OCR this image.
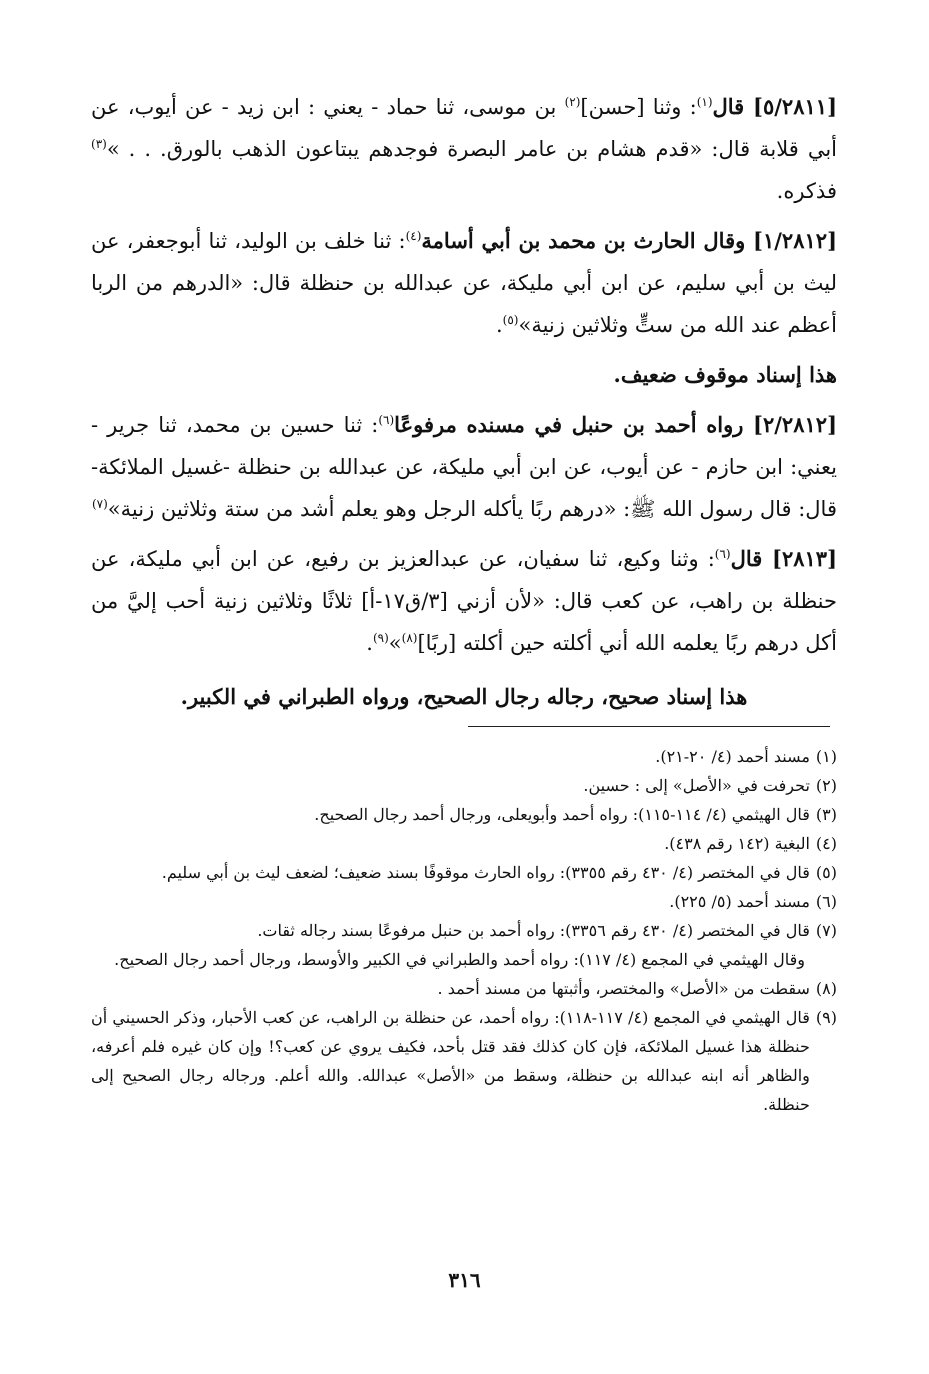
[٥/٢٨١١] قال$^{(١)}$: وثنا [حسن]$^{(٢)}$ بن موسى، ثنا حماد - يعني : ابن زيد - عن أيوب، عن أبي قلابة قال: «قدم هشام بن عامر البصرة فوجدهم يبتاعون الذهب بالورق. . . »$^{(٣)}$ فذكره.

[١/٢٨١٢] وقال الحارث بن محمد بن أبي أسامة$^{(٤)}$: ثنا خلف بن الوليد، ثنا أبوجعفر، عن ليث بن أبي سليم، عن ابن أبي مليكة، عن عبدالله بن حنظلة قال: «الدرهم من الربا أعظم عند الله من ستٍّ وثلاثين زنية»$^{(٥)}$.

هذا إسناد موقوف ضعيف.

[٢/٢٨١٢] رواه أحمد بن حنبل في مسنده مرفوعًا$^{(٦)}$: ثنا حسين بن محمد، ثنا جرير - يعني: ابن حازم - عن أيوب، عن ابن أبي مليكة، عن عبدالله بن حنظلة -غسيل الملائكة- قال: قال رسول الله ﷺ: «درهم ربًا يأكله الرجل وهو يعلم أشد من ستة وثلاثين زنية»$^{(٧)}$

[٢٨١٣] قال$^{(٦)}$: وثنا وكيع، ثنا سفيان، عن عبدالعزيز بن رفيع، عن ابن أبي مليكة، عن حنظلة بن راهب، عن كعب قال: «لأن أزني [٣/ق١٧-أ] ثلاثًا وثلاثين زنية أحب إليَّ من أكل درهم ربًا يعلمه الله أني أكلته حين أكلته [ربًا]$^{(٨)}$»$^{(٩)}$.

هذا إسناد صحيح، رجاله رجال الصحيح، ورواه الطبراني في الكبير.

(١)
مسند أحمد (٤/ ٢٠-٢١).
(٢)
تحرفت في «الأصل» إلى : حسين.
(٣)
قال الهيثمي (٤/ ١١٤-١١٥): رواه أحمد وأبويعلى، ورجال أحمد رجال الصحيح.
(٤)
البغية (١٤٢ رقم ٤٣٨).
(٥)
قال في المختصر (٤/ ٤٣٠ رقم ٣٣٥٥): رواه الحارث موقوفًا بسند ضعيف؛ لضعف ليث بن أبي سليم.
(٦)
مسند أحمد (٥/ ٢٢٥).
(٧)
قال في المختصر (٤/ ٤٣٠ رقم ٣٣٥٦): رواه أحمد بن حنبل مرفوعًا بسند رجاله ثقات.
وقال الهيثمي في المجمع (٤/ ١١٧): رواه أحمد والطبراني في الكبير والأوسط، ورجال أحمد رجال الصحيح.
(٨)
سقطت من «الأصل» والمختصر، وأثبتها من مسند أحمد .
(٩)
قال الهيثمي في المجمع (٤/ ١١٧-١١٨): رواه أحمد، عن حنظلة بن الراهب، عن كعب الأحبار، وذكر الحسيني أن حنظلة هذا غسيل الملائكة، فإن كان كذلك فقد قتل بأحد، فكيف يروي عن كعب؟! وإن كان غيره فلم أعرفه، والظاهر أنه ابنه عبدالله بن حنظلة، وسقط من «الأصل» عبدالله. والله أعلم. ورجاله رجال الصحيح إلى حنظلة.
٣١٦
